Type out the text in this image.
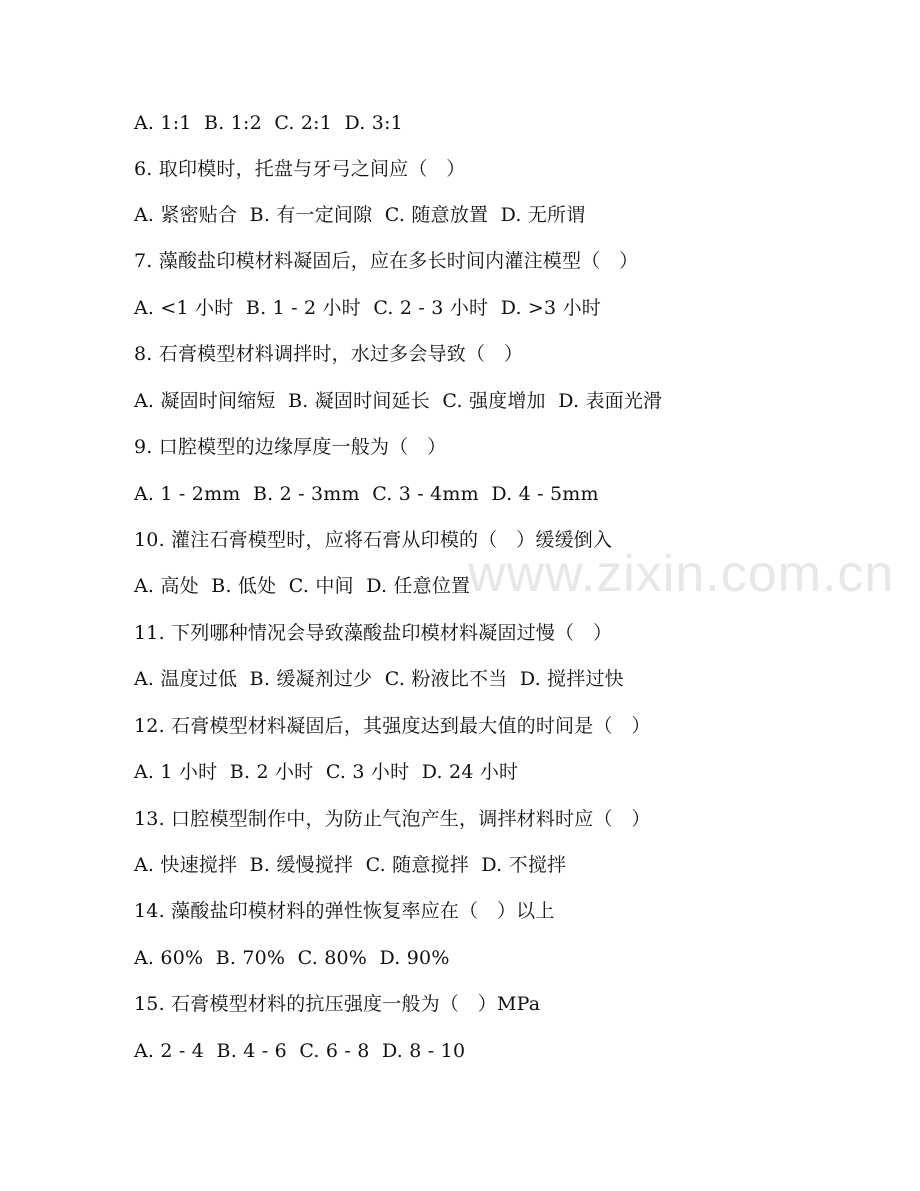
A. 1:1  B. 1:2  C. 2:1  D. 3:1
6. 取印模时，托盘与牙弓之间应（   ）
A. 紧密贴合  B. 有一定间隙  C. 随意放置  D. 无所谓
7. 藻酸盐印模材料凝固后，应在多长时间内灌注模型（   ）
A. <1 小时  B. 1 - 2 小时  C. 2 - 3 小时  D. >3 小时
8. 石膏模型材料调拌时，水过多会导致（   ）
A. 凝固时间缩短  B. 凝固时间延长  C. 强度增加  D. 表面光滑
9. 口腔模型的边缘厚度一般为（   ）
A. 1 - 2mm  B. 2 - 3mm  C. 3 - 4mm  D. 4 - 5mm
10. 灌注石膏模型时，应将石膏从印模的（   ）缓缓倒入
A. 高处  B. 低处  C. 中间  D. 任意位置
11. 下列哪种情况会导致藻酸盐印模材料凝固过慢（   ）
A. 温度过低  B. 缓凝剂过少  C. 粉液比不当  D. 搅拌过快
12. 石膏模型材料凝固后，其强度达到最大值的时间是（   ）
A. 1 小时  B. 2 小时  C. 3 小时  D. 24 小时
13. 口腔模型制作中，为防止气泡产生，调拌材料时应（   ）
A. 快速搅拌  B. 缓慢搅拌  C. 随意搅拌  D. 不搅拌
14. 藻酸盐印模材料的弹性恢复率应在（   ）以上
A. 60%  B. 70%  C. 80%  D. 90%
15. 石膏模型材料的抗压强度一般为（   ）MPa
A. 2 - 4  B. 4 - 6  C. 6 - 8  D. 8 - 10
www.zixin.com.cn
